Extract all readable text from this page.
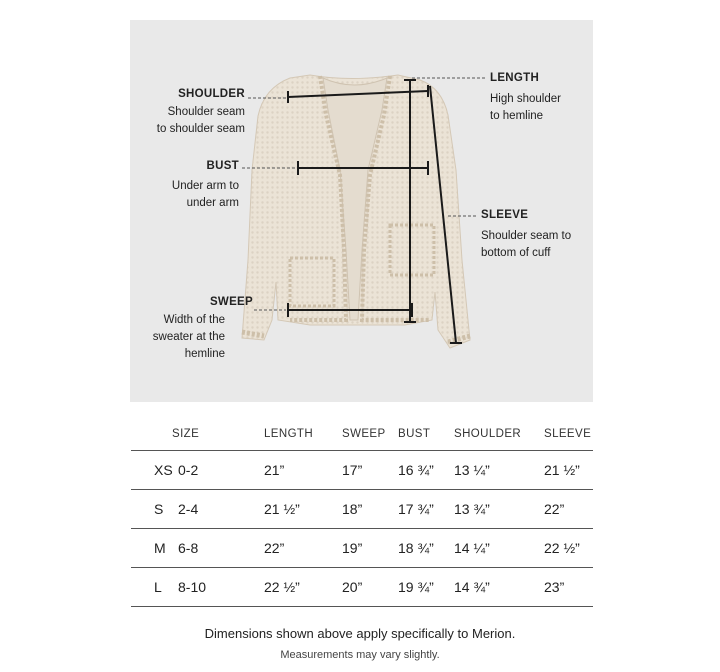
SHOULDER
Shoulder seam
to shoulder seam
BUST
Under arm to
under arm
SWEEP
Width of the
sweater at the
hemline
LENGTH
High shoulder
to hemline
SLEEVE
Shoulder seam to
bottom of cuff
SIZE	LENGTH	SWEEP	BUST	SHOULDER	SLEEVE
XS 0-2	21”	17”	16 ¾”	13 ¼”	21 ½”
S 2-4	21 ½”	18”	17 ¾”	13 ¾”	22”
M 6-8	22”	19”	18 ¾”	14 ¼”	22 ½”
L 8-10	22 ½”	20”	19 ¾”	14 ¾”	23”
Dimensions shown above apply specifically to Merion.
Measurements may vary slightly.
